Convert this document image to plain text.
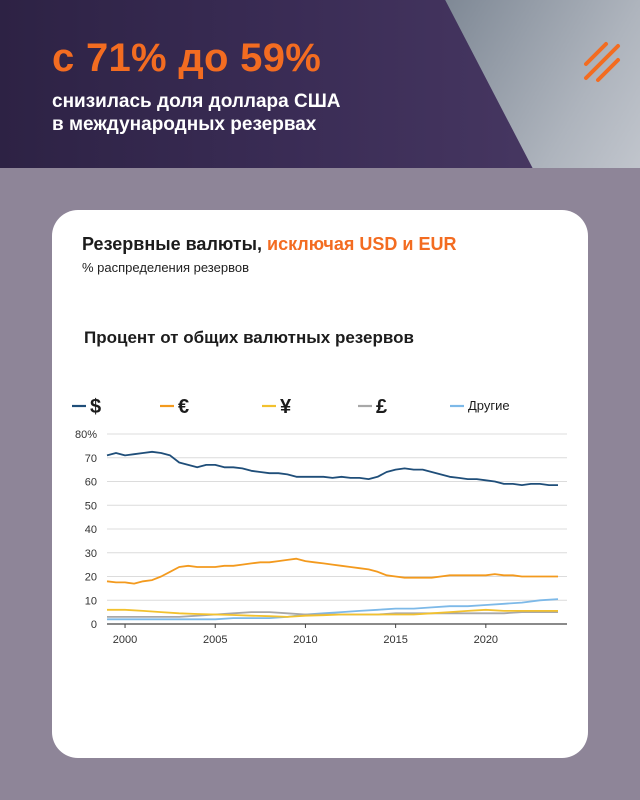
с 71% до 59%

снизилась доля доллара США
в международных резервах

Резервные валюты, исключая USD и EUR

% распределения резервов

Процент от общих валютных резервов

0
10
20
30
40
50
60
70
80%
2000	2005	2010	2015	2020
$	€	¥	£	Другие
